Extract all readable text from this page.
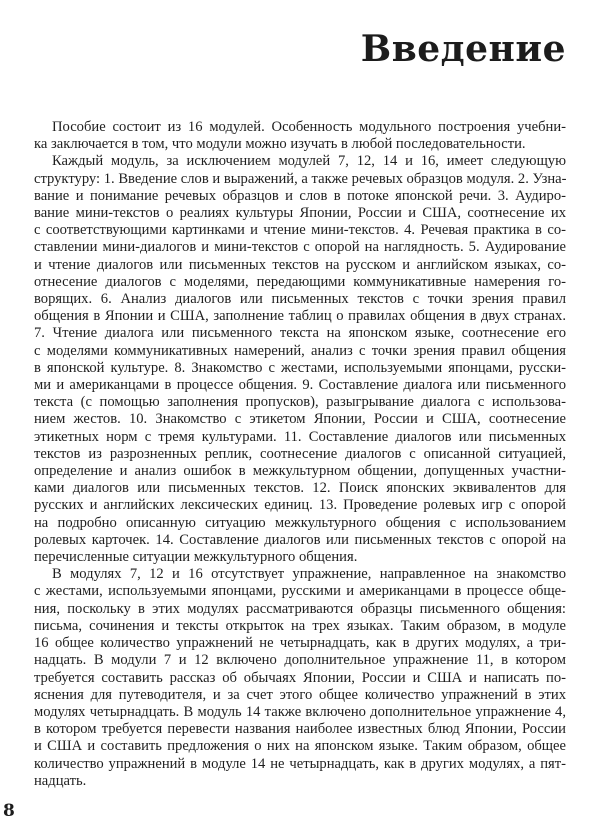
Введение

Пособие состоит из 16 модулей. Особенность модульного построения учебни-
ка заключается в том, что модули можно изучать в любой последовательности.

Каждый модуль, за исключением модулей 7, 12, 14 и 16, имеет следующую
структуру: 1. Введение слов и выражений, а также речевых образцов модуля. 2. Узна-
вание и понимание речевых образцов и слов в потоке японской речи. 3. Аудиро-
вание мини-текстов о реалиях культуры Японии, России и США, соотнесение их
с соответствующими картинками и чтение мини-текстов. 4. Речевая практика в со-
ставлении мини-диалогов и мини-текстов с опорой на наглядность. 5. Аудирование
и чтение диалогов или письменных текстов на русском и английском языках, со-
отнесение диалогов с моделями, передающими коммуникативные намерения го-
ворящих. 6. Анализ диалогов или письменных текстов с точки зрения правил
общения в Японии и США, заполнение таблиц о правилах общения в двух странах.
7. Чтение диалога или письменного текста на японском языке, соотнесение его
с моделями коммуникативных намерений, анализ с точки зрения правил общения
в японской культуре. 8. Знакомство с жестами, используемыми японцами, русски-
ми и американцами в процессе общения. 9. Составление диалога или письменного
текста (с помощью заполнения пропусков), разыгрывание диалога с использова-
нием жестов. 10. Знакомство с этикетом Японии, России и США, соотнесение
этикетных норм с тремя культурами. 11. Составление диалогов или письменных
текстов из разрозненных реплик, соотнесение диалогов с описанной ситуацией,
определение и анализ ошибок в межкультурном общении, допущенных участни-
ками диалогов или письменных текстов. 12. Поиск японских эквивалентов для
русских и английских лексических единиц. 13. Проведение ролевых игр с опорой
на подробно описанную ситуацию межкультурного общения с использованием
ролевых карточек. 14. Составление диалогов или письменных текстов с опорой на
перечисленные ситуации межкультурного общения.

В модулях 7, 12 и 16 отсутствует упражнение, направленное на знакомство
с жестами, используемыми японцами, русскими и американцами в процессе обще-
ния, поскольку в этих модулях рассматриваются образцы письменного общения:
письма, сочинения и тексты открыток на трех языках. Таким образом, в модуле
16 общее количество упражнений не четырнадцать, как в других модулях, а три-
надцать. В модули 7 и 12 включено дополнительное упражнение 11, в котором
требуется составить рассказ об обычаях Японии, России и США и написать по-
яснения для путеводителя, и за счет этого общее количество упражнений в этих
модулях четырнадцать. В модуль 14 также включено дополнительное упражнение 4,
в котором требуется перевести названия наиболее известных блюд Японии, России
и США и составить предложения о них на японском языке. Таким образом, общее
количество упражнений в модуле 14 не четырнадцать, как в других модулях, а пят-
надцать.

8
